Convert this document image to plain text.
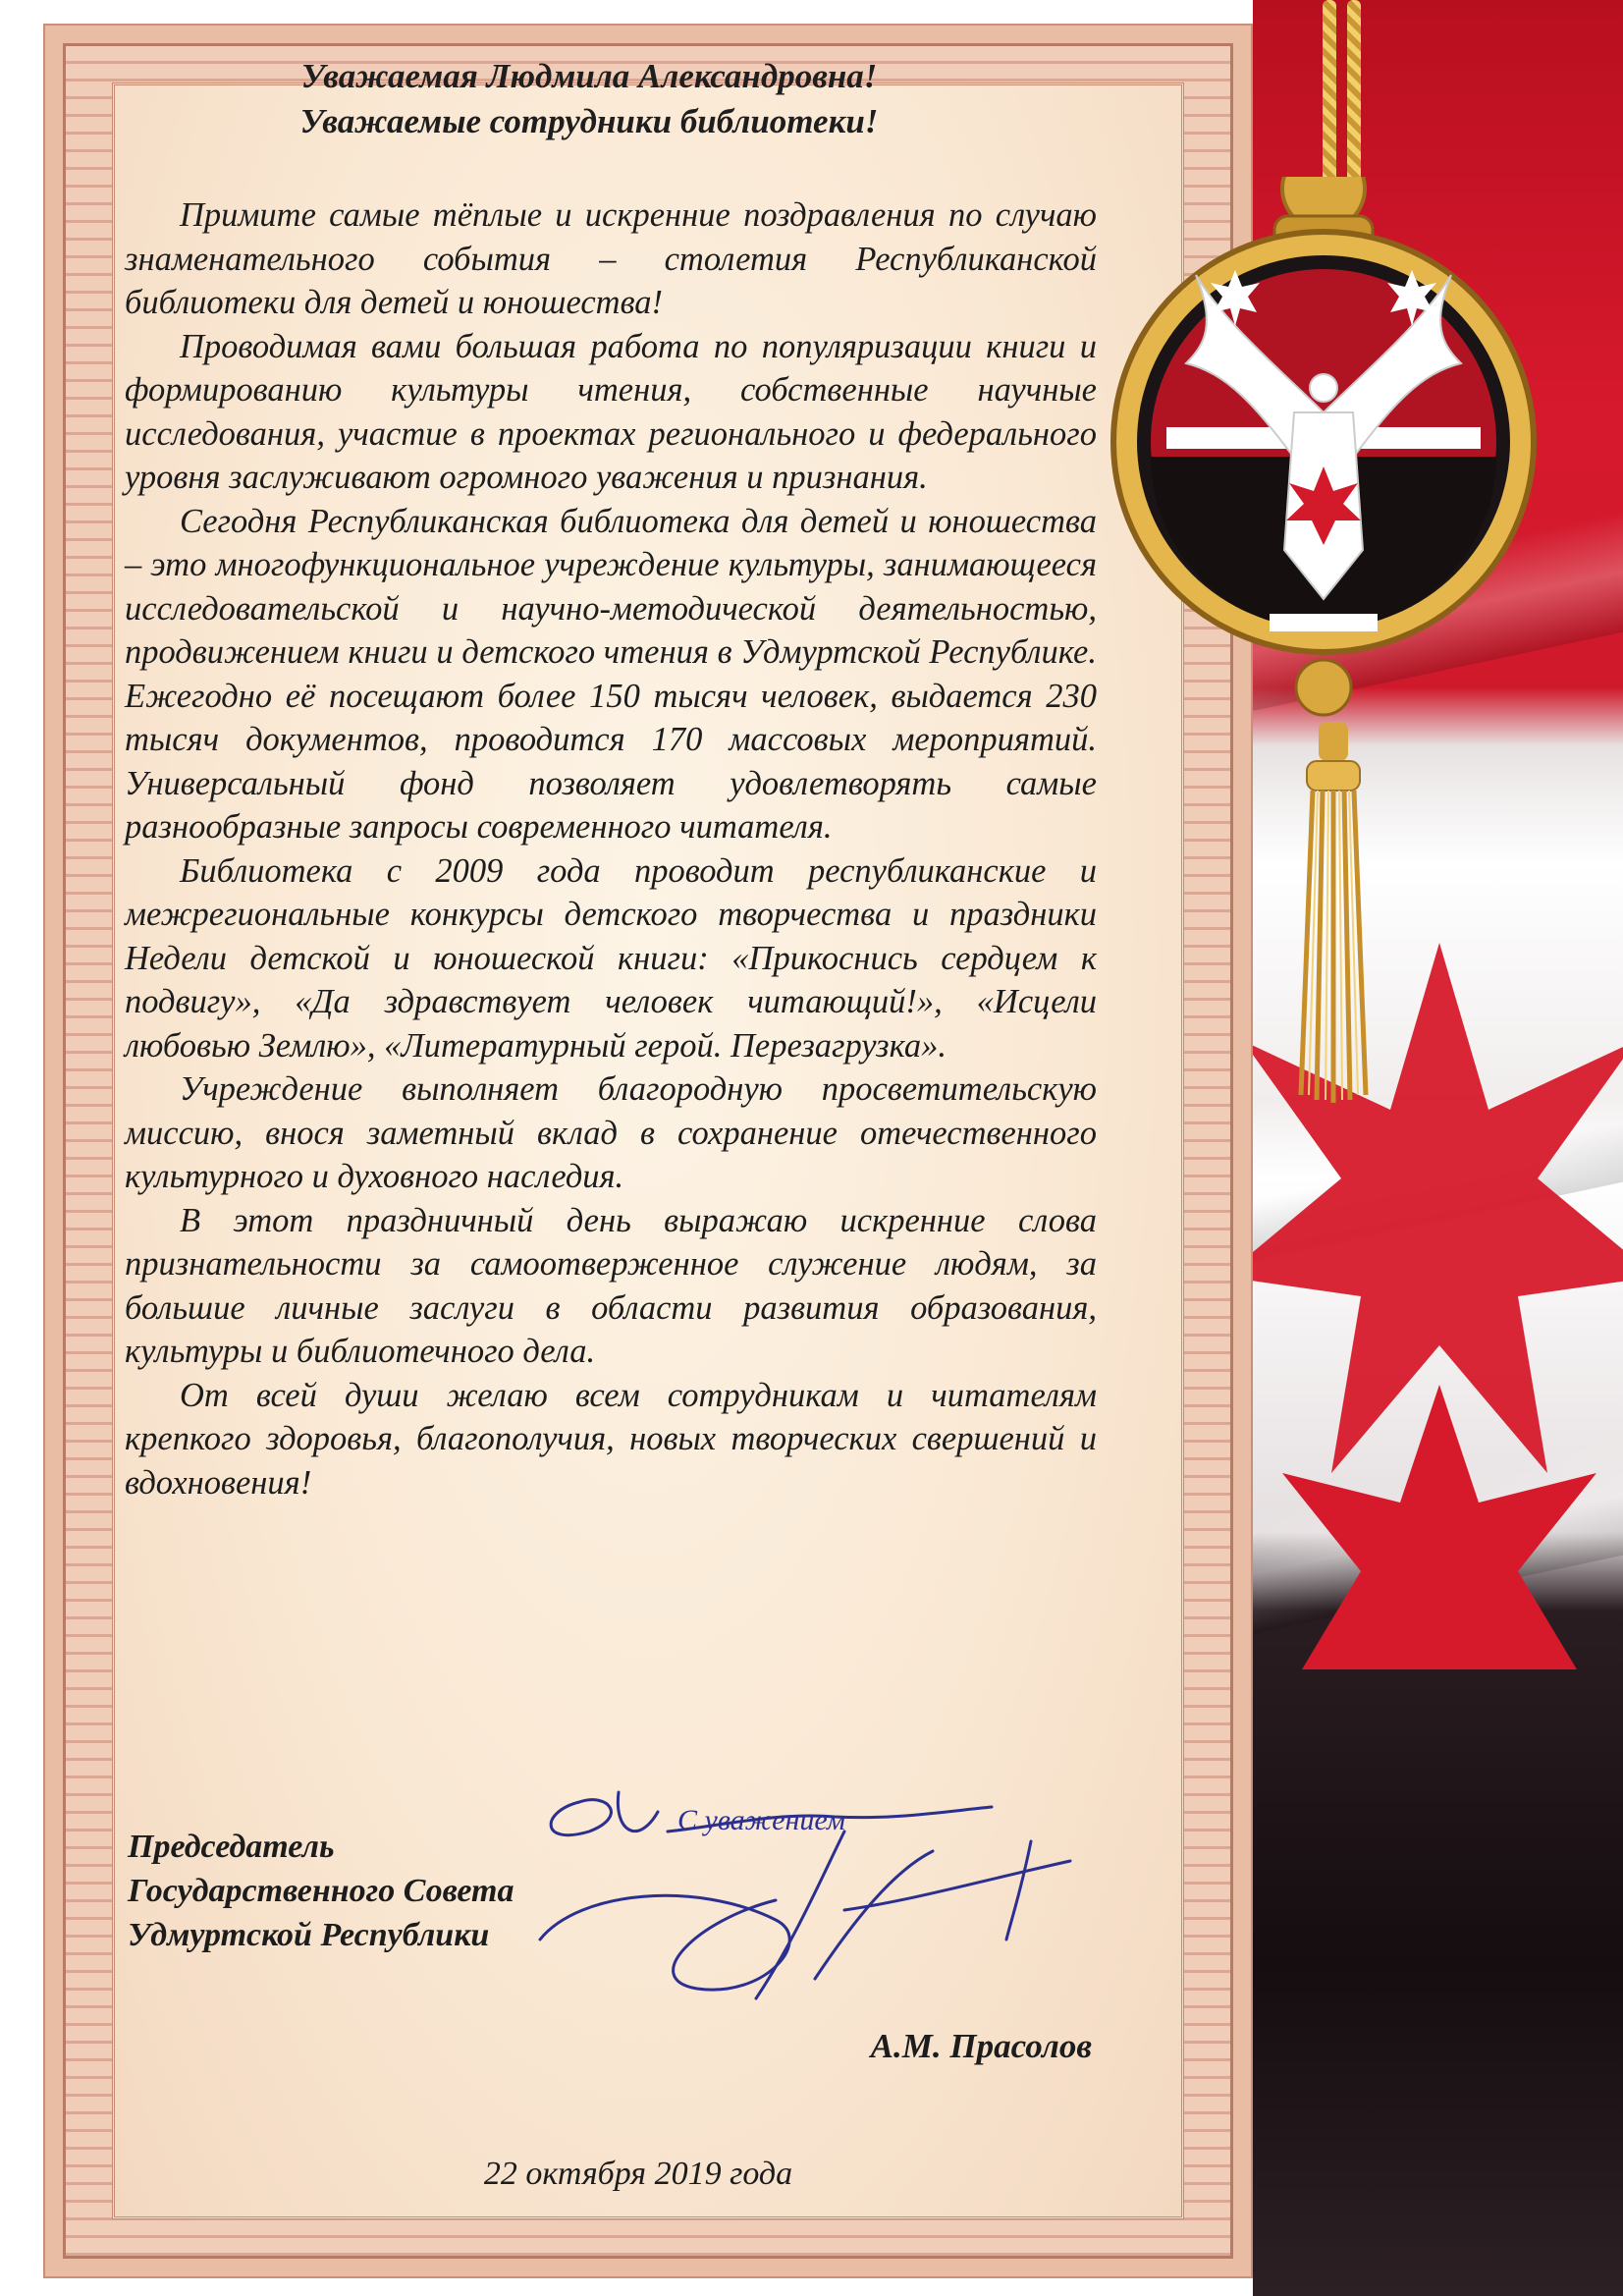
Уважаемая Людмила Александровна!
Уважаемые сотрудники библиотеки!

Примите самые тёплые и искренние поздравления по случаю знаменательного события – столетия Республиканской библиотеки для детей и юношества!

Проводимая вами большая работа по популяризации книги и формированию культуры чтения, собственные научные исследования, участие в проектах регионального и федерального уровня заслуживают огромного уважения и признания.

Сегодня Республиканская библиотека для детей и юношества – это многофункциональное учреждение культуры, занимающееся исследовательской и научно-методической деятельностью, продвижением книги и детского чтения в Удмуртской Республике. Ежегодно её посещают более 150 тысяч человек, выдается 230 тысяч документов, проводится 170 массовых мероприятий. Универсальный фонд позволяет удовлетворять самые разнообразные запросы современного читателя.

Библиотека с 2009 года проводит республиканские и межрегиональные конкурсы детского творчества и праздники Недели детской и юношеской книги: «Прикоснись сердцем к подвигу», «Да здравствует человек читающий!», «Исцели любовью Землю», «Литературный герой. Перезагрузка».

Учреждение выполняет благородную просветительскую миссию, внося заметный вклад в сохранение отечественного культурного и духовного наследия.

В этот праздничный день выражаю искренние слова признательности за самоотверженное служение людям, за большие личные заслуги в области развития образования, культуры и библиотечного дела.

От всей души желаю всем сотрудникам и читателям крепкого здоровья, благополучия, новых творческих свершений и вдохновения!

Председатель
Государственного Совета
Удмуртской Республики
С уважением
А.М. Прасолов
22 октября 2019 года
